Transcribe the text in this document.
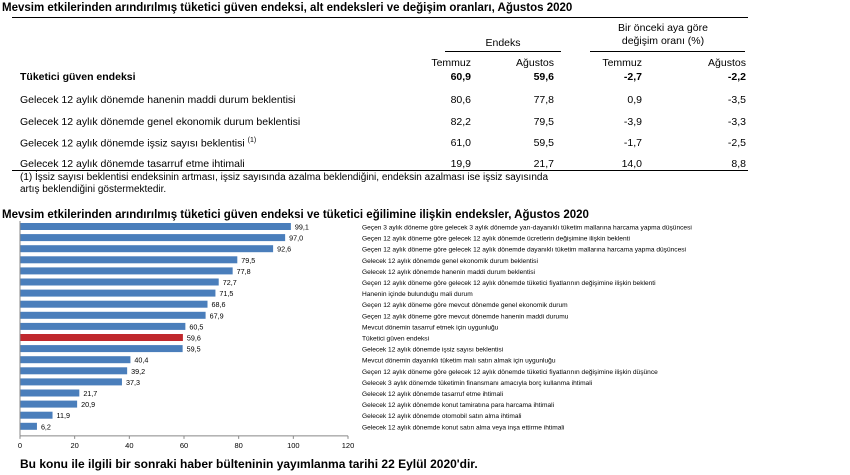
Mevsim etkilerinden arındırılmış tüketici güven endeksi, alt endeksleri ve değişim oranları, Ağustos 2020
Endeks
Bir önceki aya göre
değişim oranı (%)
Temmuz	Ağustos	Temmuz	Ağustos
Tüketici güven endeksi	60,9	59,6	-2,7	-2,2
Gelecek 12 aylık dönemde hanenin maddi durum beklentisi	80,6	77,8	0,9	-3,5
Gelecek 12 aylık dönemde genel ekonomik durum beklentisi	82,2	79,5	-3,9	-3,3
Gelecek 12 aylık dönemde işsiz sayısı beklentisi $^{(1)}$	61,0	59,5	-1,7	-2,5
Gelecek 12 aylık dönemde tasarruf etme ihtimali	19,9	21,7	14,0	8,8
(1) İşsiz sayısı beklentisi endeksinin artması, işsiz sayısında azalma beklendiğini, endeksin azalması ise işsiz sayısında
artış beklendiğini göstermektedir.
Mevsim etkilerinden arındırılmış tüketici güven endeksi ve tüketici eğilimine ilişkin endeksler, Ağustos 2020
99,1
97,0
92,6
79,5
77,8
72,7
71,5
68,6
67,9
60,5
59,6
59,5
40,4
39,2
37,3
21,7
20,9
11,9
6,2
0	20	40	60	80	100	120
Geçen 3 aylık döneme göre gelecek 3 aylık dönemde yarı-dayanıklı tüketim mallarına harcama yapma düşüncesi
Geçen 12 aylık döneme göre gelecek 12 aylık dönemde ücretlerin değişimine ilişkin beklenti
Geçen 12 aylık döneme göre gelecek 12 aylık dönemde dayanıklı tüketim mallarına harcama yapma düşüncesi
Gelecek 12 aylık dönemde genel ekonomik durum beklentisi
Gelecek 12 aylık dönemde hanenin maddi durum beklentisi
Geçen 12 aylık döneme göre gelecek 12 aylık dönemde tüketici fiyatlarının değişimine ilişkin beklenti
Hanenin içinde bulunduğu mali durum
Geçen 12 aylık döneme göre mevcut dönemde genel ekonomik durum
Geçen 12 aylık döneme göre mevcut dönemde hanenin maddi durumu
Mevcut dönemin tasarruf etmek için uygunluğu
Tüketici güven endeksi
Gelecek 12 aylık dönemde işsiz sayısı beklentisi
Mevcut dönemin dayanıklı tüketim malı satın almak için uygunluğu
Geçen 12 aylık döneme göre gelecek 12 aylık dönemde tüketici fiyatlarının değişimine ilişkin düşünce
Gelecek 3 aylık dönemde tüketimin finansmanı amacıyla borç kullanma ihtimali
Gelecek 12 aylık dönemde tasarruf etme ihtimali
Gelecek 12 aylık dönemde konut tamiratına para harcama ihtimali
Gelecek 12 aylık dönemde otomobil satın alma ihtimali
Gelecek 12 aylık dönemde konut satın alma veya inşa ettirme ihtimali
Bu konu ile ilgili bir sonraki haber bülteninin yayımlanma tarihi 22 Eylül 2020'dir.
